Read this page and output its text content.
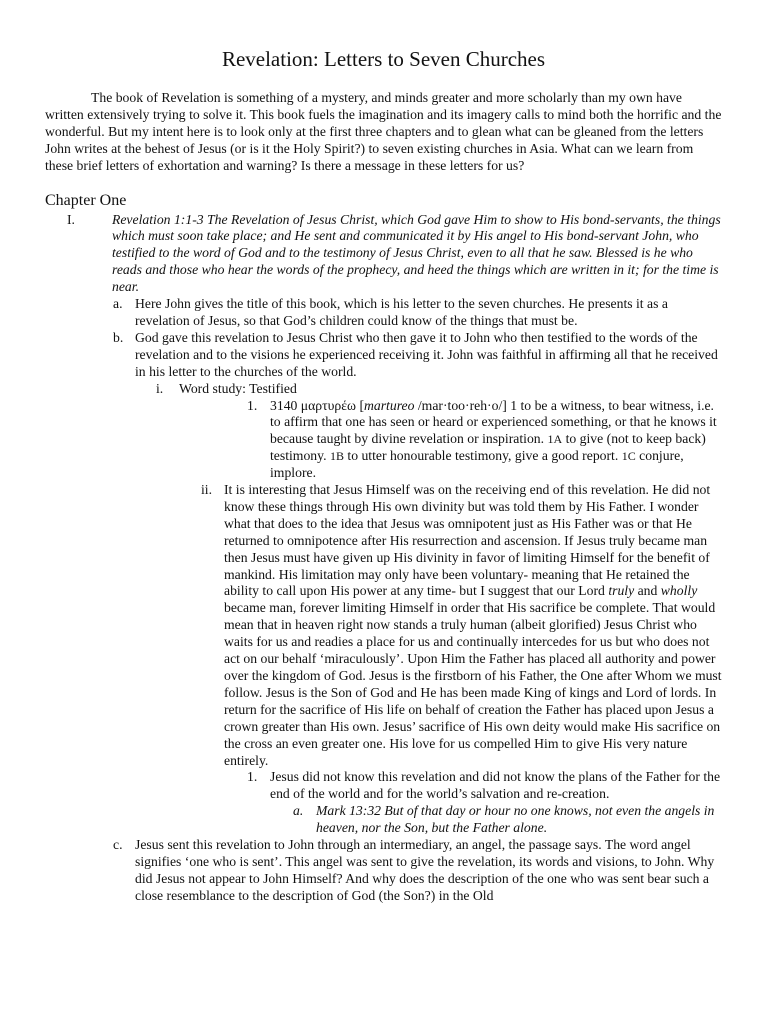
Revelation: Letters to Seven Churches

The book of Revelation is something of a mystery, and minds greater and more scholarly than my own have written extensively trying to solve it. This book fuels the imagination and its imagery calls to mind both the horrific and the wonderful. But my intent here is to look only at the first three chapters and to glean what can be gleaned from the letters John writes at the behest of Jesus (or is it the Holy Spirit?) to seven existing churches in Asia. What can we learn from these brief letters of exhortation and warning? Is there a message in these letters for us?

Chapter One
I.	Revelation 1:1-3 The Revelation of Jesus Christ, which God gave Him to show to His bond-servants, the things which must soon take place; and He sent and communicated it by His angel to His bond-servant John, who testified to the word of God and to the testimony of Jesus Christ, even to all that he saw. Blessed is he who reads and those who hear the words of the prophecy, and heed the things which are written in it; for the time is near.
a. Here John gives the title of this book, which is his letter to the seven churches. He presents it as a revelation of Jesus, so that God’s children could know of the things that must be.
b. God gave this revelation to Jesus Christ who then gave it to John who then testified to the words of the revelation and to the visions he experienced receiving it. John was faithful in affirming all that he received in his letter to the churches of the world.
i. Word study: Testified
1. 3140 μαρτυρέω [martureo /mar·too·reh·o/] 1 to be a witness, to bear witness, i.e. to affirm that one has seen or heard or experienced something, or that he knows it because taught by divine revelation or inspiration. 1A to give (not to keep back) testimony. 1B to utter honourable testimony, give a good report. 1C conjure, implore.
ii. It is interesting that Jesus Himself was on the receiving end of this revelation. He did not know these things through His own divinity but was told them by His Father. I wonder what that does to the idea that Jesus was omnipotent just as His Father was or that He returned to omnipotence after His resurrection and ascension. If Jesus truly became man then Jesus must have given up His divinity in favor of limiting Himself for the benefit of mankind. His limitation may only have been voluntary- meaning that He retained the ability to call upon His power at any time- but I suggest that our Lord truly and wholly became man, forever limiting Himself in order that His sacrifice be complete. That would mean that in heaven right now stands a truly human (albeit glorified) Jesus Christ who waits for us and readies a place for us and continually intercedes for us but who does not act on our behalf ‘miraculously’. Upon Him the Father has placed all authority and power over the kingdom of God. Jesus is the firstborn of his Father, the One after Whom we must follow. Jesus is the Son of God and He has been made King of kings and Lord of lords. In return for the sacrifice of His life on behalf of creation the Father has placed upon Jesus a crown greater than His own. Jesus’ sacrifice of His own deity would make His sacrifice on the cross an even greater one. His love for us compelled Him to give His very nature entirely.
1. Jesus did not know this revelation and did not know the plans of the Father for the end of the world and for the world’s salvation and re-creation.
a. Mark 13:32 But of that day or hour no one knows, not even the angels in heaven, nor the Son, but the Father alone.
c. Jesus sent this revelation to John through an intermediary, an angel, the passage says. The word angel signifies ‘one who is sent’. This angel was sent to give the revelation, its words and visions, to John. Why did Jesus not appear to John Himself? And why does the description of the one who was sent bear such a close resemblance to the description of God (the Son?) in the Old
